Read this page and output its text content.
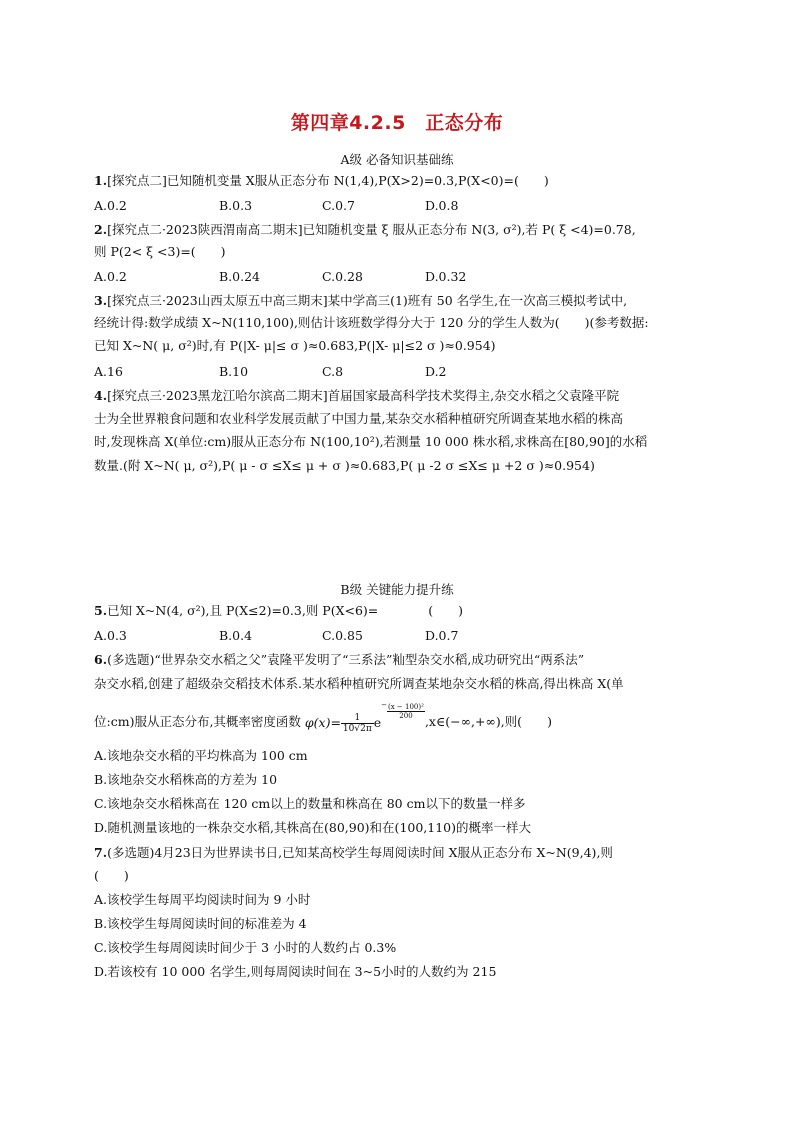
第四章4.2.5　正态分布
A级 必备知识基础练
1.[探究点二]已知随机变量 X服从正态分布 N(1,4),P(X>2)=0.3,P(X<0)=(　　)
A.0.2	B.0.3	C.0.7	D.0.8
2.[探究点二·2023陕西渭南高二期末]已知随机变量 ξ 服从正态分布 N(3, σ²),若 P( ξ <4)=0.78,
则 P(2< ξ <3)=(　　)
A.0.2	B.0.24	C.0.28	D.0.32
3.[探究点三·2023山西太原五中高三期末]某中学高三(1)班有 50 名学生,在一次高三模拟考试中,
经统计得:数学成绩 X~N(110,100),则估计该班数学得分大于 120 分的学生人数为(　　)(参考数据:
已知 X~N( μ, σ²)时,有 P(|X- μ|≤ σ )≈0.683,P(|X- μ|≤2 σ )≈0.954)
A.16	B.10	C.8	D.2
4.[探究点三·2023黑龙江哈尔滨高二期末]首届国家最高科学技术奖得主,杂交水稻之父袁隆平院
士为全世界粮食问题和农业科学发展贡献了中国力量,某杂交水稻种植研究所调查某地水稻的株高
时,发现株高 X(单位:cm)服从正态分布 N(100,10²),若测量 10 000 株水稻,求株高在[80,90]的水稻
数量.(附 X~N( μ, σ²),P( μ - σ ≤X≤ μ + σ )≈0.683,P( μ -2 σ ≤X≤ μ +2 σ )≈0.954)
B级 关键能力提升练
5.已知 X~N(4, σ²),且 P(X≤2)=0.3,则 P(X<6)=　　　　(　　)
A.0.3	B.0.4	C.0.85	D.0.7
6.(多选题)“世界杂交水稻之父”袁隆平发明了“三系法”籼型杂交水稻,成功研究出“两系法”
杂交水稻,创建了超级杂交稻技术体系.某水稻种植研究所调查某地杂交水稻的株高,得出株高 X(单
位:cm)服从正态分布,其概率密度函数 $\varphi(x)= \frac{1}{10√2\pi} e- \frac{\text{(x − 100)²}}{200}$
,x∈(−∞,+∞),则(　　)
A.该地杂交水稻的平均株高为 100 cm
B.该地杂交水稻株高的方差为 10
C.该地杂交水稻株高在 120 cm以上的数量和株高在 80 cm以下的数量一样多
D.随机测量该地的一株杂交水稻,其株高在(80,90)和在(100,110)的概率一样大
7.(多选题)4月23日为世界读书日,已知某高校学生每周阅读时间 X服从正态分布 X~N(9,4),则
(　　)
A.该校学生每周平均阅读时间为 9 小时
B.该校学生每周阅读时间的标准差为 4
C.该校学生每周阅读时间少于 3 小时的人数约占 0.3%
D.若该校有 10 000 名学生,则每周阅读时间在 3~5小时的人数约为 215
